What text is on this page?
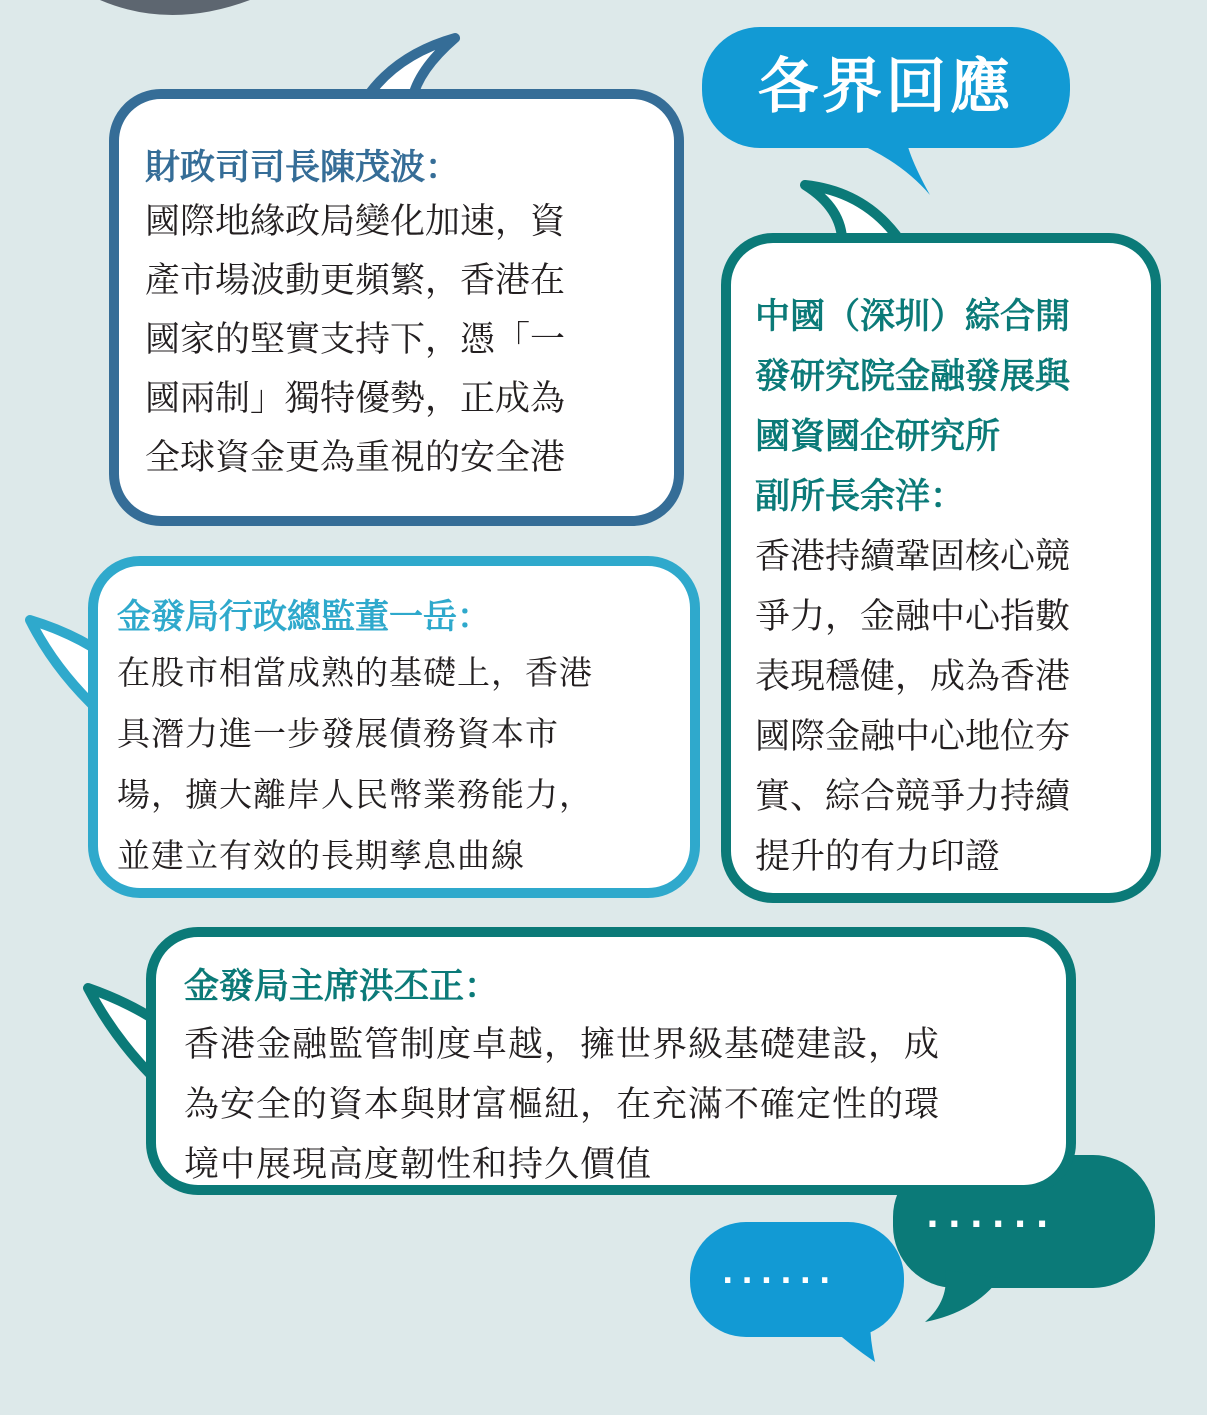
各界回應

財政司司長陳茂波：

國際地緣政局變化加速，資
產市場波動更頻繁，香港在
國家的堅實支持下，憑「一
國兩制」獨特優勢，正成為
全球資金更為重視的安全港

金發局行政總監董一岳：

在股市相當成熟的基礎上，香港
具潛力進一步發展債務資本市
場，擴大離岸人民幣業務能力，
並建立有效的長期孳息曲線

中國（深圳）綜合開
發研究院金融發展與
國資國企研究所
副所長余洋：

香港持續鞏固核心競
爭力，金融中心指數
表現穩健，成為香港
國際金融中心地位夯
實、綜合競爭力持續
提升的有力印證

金發局主席洪丕正：

香港金融監管制度卓越，擁世界級基礎建設，成
為安全的資本與財富樞紐，在充滿不確定性的環
境中展現高度韌性和持久價值

......
......
